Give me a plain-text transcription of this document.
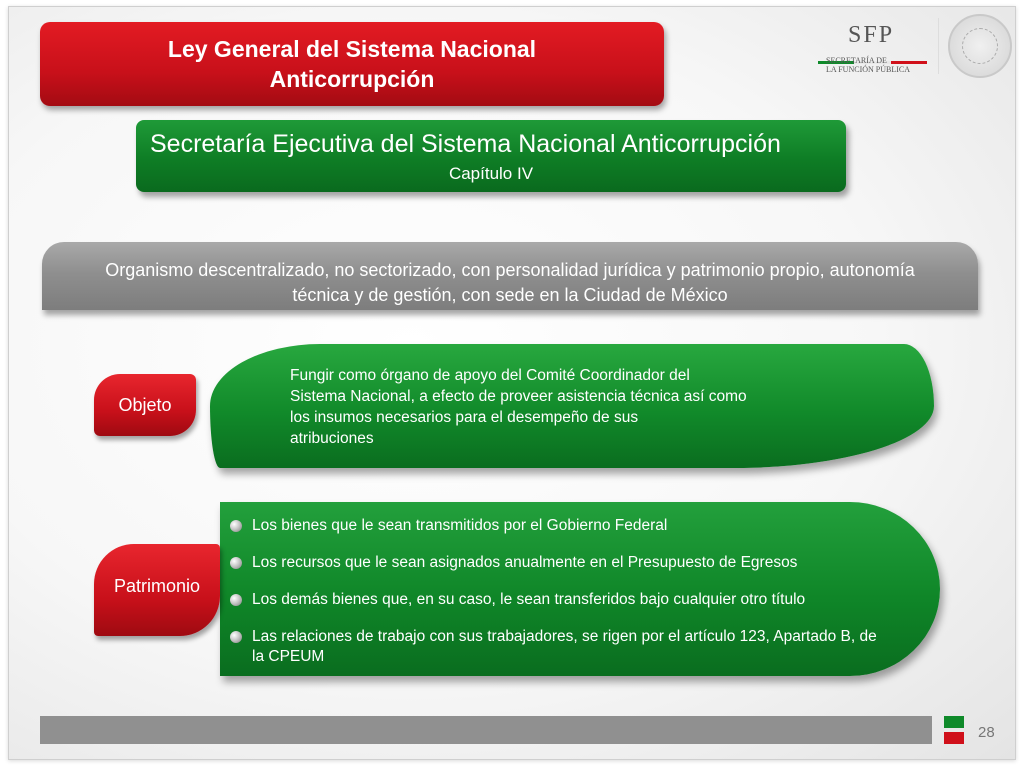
Ley General del Sistema Nacional
Anticorrupción
SFP
SECRETARÍA DE
LA FUNCIÓN PÚBLICA
Secretaría Ejecutiva del Sistema Nacional Anticorrupción
Capítulo IV
Organismo descentralizado, no sectorizado, con personalidad jurídica y patrimonio propio, autonomía
técnica y de gestión, con sede en la Ciudad de México
Objeto
Fungir como órgano de apoyo del Comité Coordinador del
Sistema Nacional, a efecto de proveer asistencia técnica así como
los insumos necesarios para el desempeño de sus
atribuciones
Patrimonio
Los bienes que le sean transmitidos por el Gobierno Federal
Los recursos que le sean asignados anualmente en el Presupuesto de Egresos
Los demás bienes que, en su caso, le sean transferidos bajo cualquier otro título
Las relaciones de trabajo con sus trabajadores, se rigen por el artículo 123, Apartado B, de la CPEUM
28
